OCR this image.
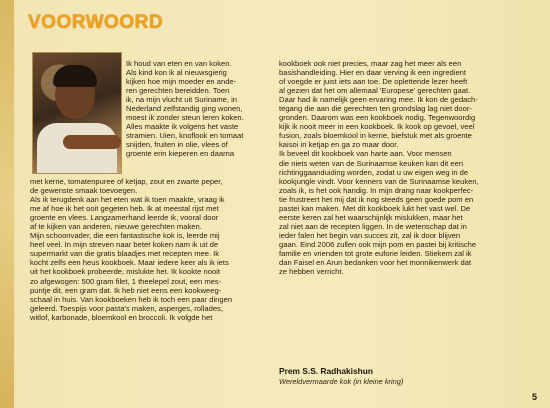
VOORWOORD
Ik houd van eten en van koken.
Als kind kon ik al nieuwsgierig
kijken hoe mijn moeder en ande-
ren gerechten bereidden. Toen
ik, na mijn vlucht uit Suriname, in
Nederland zelfstandig ging wonen,
moest ik zonder steun leren koken.
Alles maakte ik volgens het vaste
stramien. Uien, knoflook en tomaat
snijden, fruiten in olie, vlees of
groente erin kieperen en daarna
met kerrie, tomatenpuree of ketjap, zout en zwarte peper,
de gewenste smaak toevoegen.
Als ik terugdenk aan het eten wat ik toen maakte, vraag ik
me af hoe ik het ooit gegeten heb. Ik at meestal rijst met
groente en vlees. Langzamerhand leerde ik, vooral door
af te kijken van anderen, nieuwe gerechten maken.
Mijn schoonvader, die een fantastische kok is, leerde mij
heel veel. In mijn streven naar beter koken nam ik uit de
supermarkt van die gratis blaadjes met recepten mee. Ik
kocht zelfs een heus kookboek. Maar iedere keer als ik iets
uit het kookboek probeerde, mislukte het. Ik kookte nooit
zo afgewogen: 500 gram filet, 1 theelepel zout, een mes-
puntje dit, een gram dat. Ik heb niet eens een kookweeg-
schaal in huis. Van kookboeken heb ik toch een paar dingen
geleerd. Toespijs voor pasta's maken, asperges, rollades,
witlof, karbonade, bloemkool en broccoli. Ik volgde het
kookboek ook niet precies, maar zag het meer als een
basishandleiding. Hier en daar verving ik een ingredient
of voegde er juist iets aan toe. De oplettende lezer heeft
al gezien dat het om allemaal 'Europese' gerechten gaat.
Daar had ik namelijk geen ervaring mee. Ik kon de gedach-
tegang die aan die gerechten ten grondslag lag niet door-
gronden. Daarom was een kookboek nodig. Tegenwoordig
kijk ik nooit meer in een kookboek. Ik kook op gevoel, veel
fusion, zoals bloemkool in kerrie, biefstuk met als groente
kaisoi in ketjap en ga zo maar door.
Ik beveel dit kookboek van harte aan. Voor mensen
die niets weten van de Surinaamse keuken kan dit een
richtinggaanduiding worden, zodat u uw eigen weg in de
kookjungle vindt. Voor kenners van de Surinaamse keuken,
zoals ik, is het ook handig. In mijn drang naar kookperfec-
tie frustreert het mij dat ik nog steeds geen goede pom en
pastei kan maken. Met dit kookboek lukt het vast wel. De
eerste keren zal het waarschijnlijk mislukken, maar het
zal niet aan de recepten liggen. In de wetenschap dat in
ieder falen het begin van succes zit, zal ik door blijven
gaan. Eind 2006 zullen ook mijn pom en pastei bij kritische
familie en vrienden tot grote euforie leiden. Stiekem zal ik
dan Faisel en Arun bedanken voor het monnikenwerk dat
ze hebben verricht.
Prem S.S. Radhakishun
Wereldvermaarde kok (in kleine kring)
5
